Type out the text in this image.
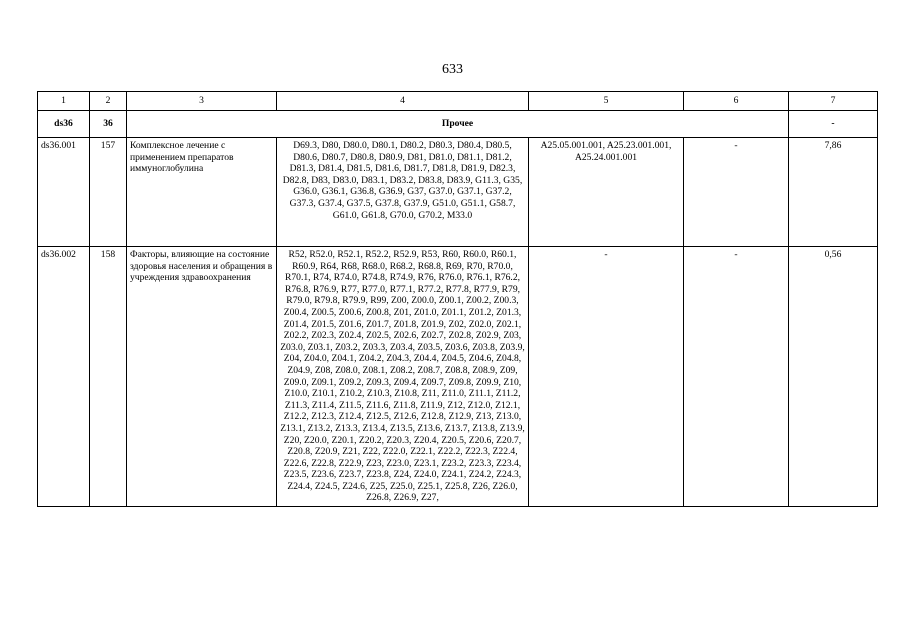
633
1	2	3	4	5	6	7
ds36	36	Прочее				-
ds36.001	157	Комплексное лечение с применением препаратов иммуноглобулина	D69.3, D80, D80.0, D80.1, D80.2, D80.3, D80.4, D80.5, D80.6, D80.7, D80.8, D80.9, D81, D81.0, D81.1, D81.2, D81.3, D81.4, D81.5, D81.6, D81.7, D81.8, D81.9, D82.3, D82.8, D83, D83.0, D83.1, D83.2, D83.8, D83.9, G11.3, G35, G36.0, G36.1, G36.8, G36.9, G37, G37.0, G37.1, G37.2, G37.3, G37.4, G37.5, G37.8, G37.9, G51.0, G51.1, G58.7, G61.0, G61.8, G70.0, G70.2, M33.0	A25.05.001.001, A25.23.001.001, A25.24.001.001	-	7,86
ds36.002	158	Факторы, влияющие на состояние здоровья населения и обращения в учреждения здравоохранения	R52, R52.0, R52.1, R52.2, R52.9, R53, R60, R60.0, R60.1, R60.9, R64, R68, R68.0, R68.2, R68.8, R69, R70, R70.0, R70.1, R74, R74.0, R74.8, R74.9, R76, R76.0, R76.1, R76.2, R76.8, R76.9, R77, R77.0, R77.1, R77.2, R77.8, R77.9, R79, R79.0, R79.8, R79.9, R99, Z00, Z00.0, Z00.1, Z00.2, Z00.3, Z00.4, Z00.5, Z00.6, Z00.8, Z01, Z01.0, Z01.1, Z01.2, Z01.3, Z01.4, Z01.5, Z01.6, Z01.7, Z01.8, Z01.9, Z02, Z02.0, Z02.1, Z02.2, Z02.3, Z02.4, Z02.5, Z02.6, Z02.7, Z02.8, Z02.9, Z03, Z03.0, Z03.1, Z03.2, Z03.3, Z03.4, Z03.5, Z03.6, Z03.8, Z03.9, Z04, Z04.0, Z04.1, Z04.2, Z04.3, Z04.4, Z04.5, Z04.6, Z04.8, Z04.9, Z08, Z08.0, Z08.1, Z08.2, Z08.7, Z08.8, Z08.9, Z09, Z09.0, Z09.1, Z09.2, Z09.3, Z09.4, Z09.7, Z09.8, Z09.9, Z10, Z10.0, Z10.1, Z10.2, Z10.3, Z10.8, Z11, Z11.0, Z11.1, Z11.2, Z11.3, Z11.4, Z11.5, Z11.6, Z11.8, Z11.9, Z12, Z12.0, Z12.1, Z12.2, Z12.3, Z12.4, Z12.5, Z12.6, Z12.8, Z12.9, Z13, Z13.0, Z13.1, Z13.2, Z13.3, Z13.4, Z13.5, Z13.6, Z13.7, Z13.8, Z13.9, Z20, Z20.0, Z20.1, Z20.2, Z20.3, Z20.4, Z20.5, Z20.6, Z20.7, Z20.8, Z20.9, Z21, Z22, Z22.0, Z22.1, Z22.2, Z22.3, Z22.4, Z22.6, Z22.8, Z22.9, Z23, Z23.0, Z23.1, Z23.2, Z23.3, Z23.4, Z23.5, Z23.6, Z23.7, Z23.8, Z24, Z24.0, Z24.1, Z24.2, Z24.3, Z24.4, Z24.5, Z24.6, Z25, Z25.0, Z25.1, Z25.8, Z26, Z26.0, Z26.8, Z26.9, Z27,	-	-	0,56
